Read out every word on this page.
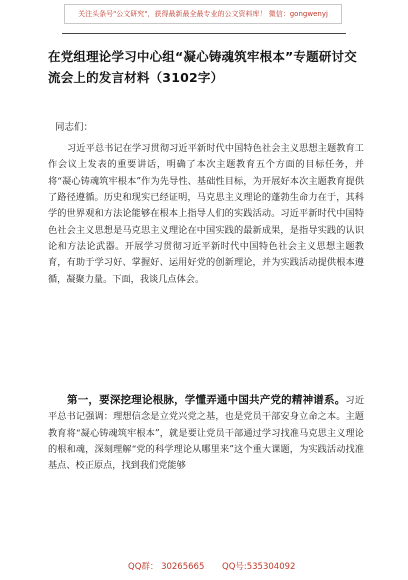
关注头条号"公文研究"，获得最新最全最专业的公文资料库！ 微信：gongwenyj
在党组理论学习中心组“凝心铸魂筑牢根本”专题研讨交流会上的发言材料（3102字）
同志们：

习近平总书记在学习贯彻习近平新时代中国特色社会主义思想主题教育工作会议上发表的重要讲话，明确了本次主题教育五个方面的目标任务，并将“凝心铸魂筑牢根本”作为先导性、基础性目标，为开展好本次主题教育提供了路径遵循。历史和现实已经证明，马克思主义理论的蓬勃生命力在于，其科学的世界观和方法论能够在根本上指导人们的实践活动。习近平新时代中国特色社会主义思想是马克思主义理论在中国实践的最新成果，是指导实践的认识论和方法论武器。开展学习贯彻习近平新时代中国特色社会主义思想主题教育，有助于学习好、掌握好、运用好党的创新理论，并为实践活动提供根本遵循，凝聚力量。下面，我谈几点体会。

第一，要深挖理论根脉，学懂弄通中国共产党的精神谱系。习近平总书记强调：理想信念是立党兴党之基，也是党员干部安身立命之本。主题教育将“凝心铸魂筑牢根本”，就是要让党员干部通过学习找准马克思主义理论的根和魂，深刻理解“党的科学理论从哪里来”这个重大课题，为实践活动找准基点、校正原点，找到我们党能够

QQ群： 30265665 QQ号:535304092
